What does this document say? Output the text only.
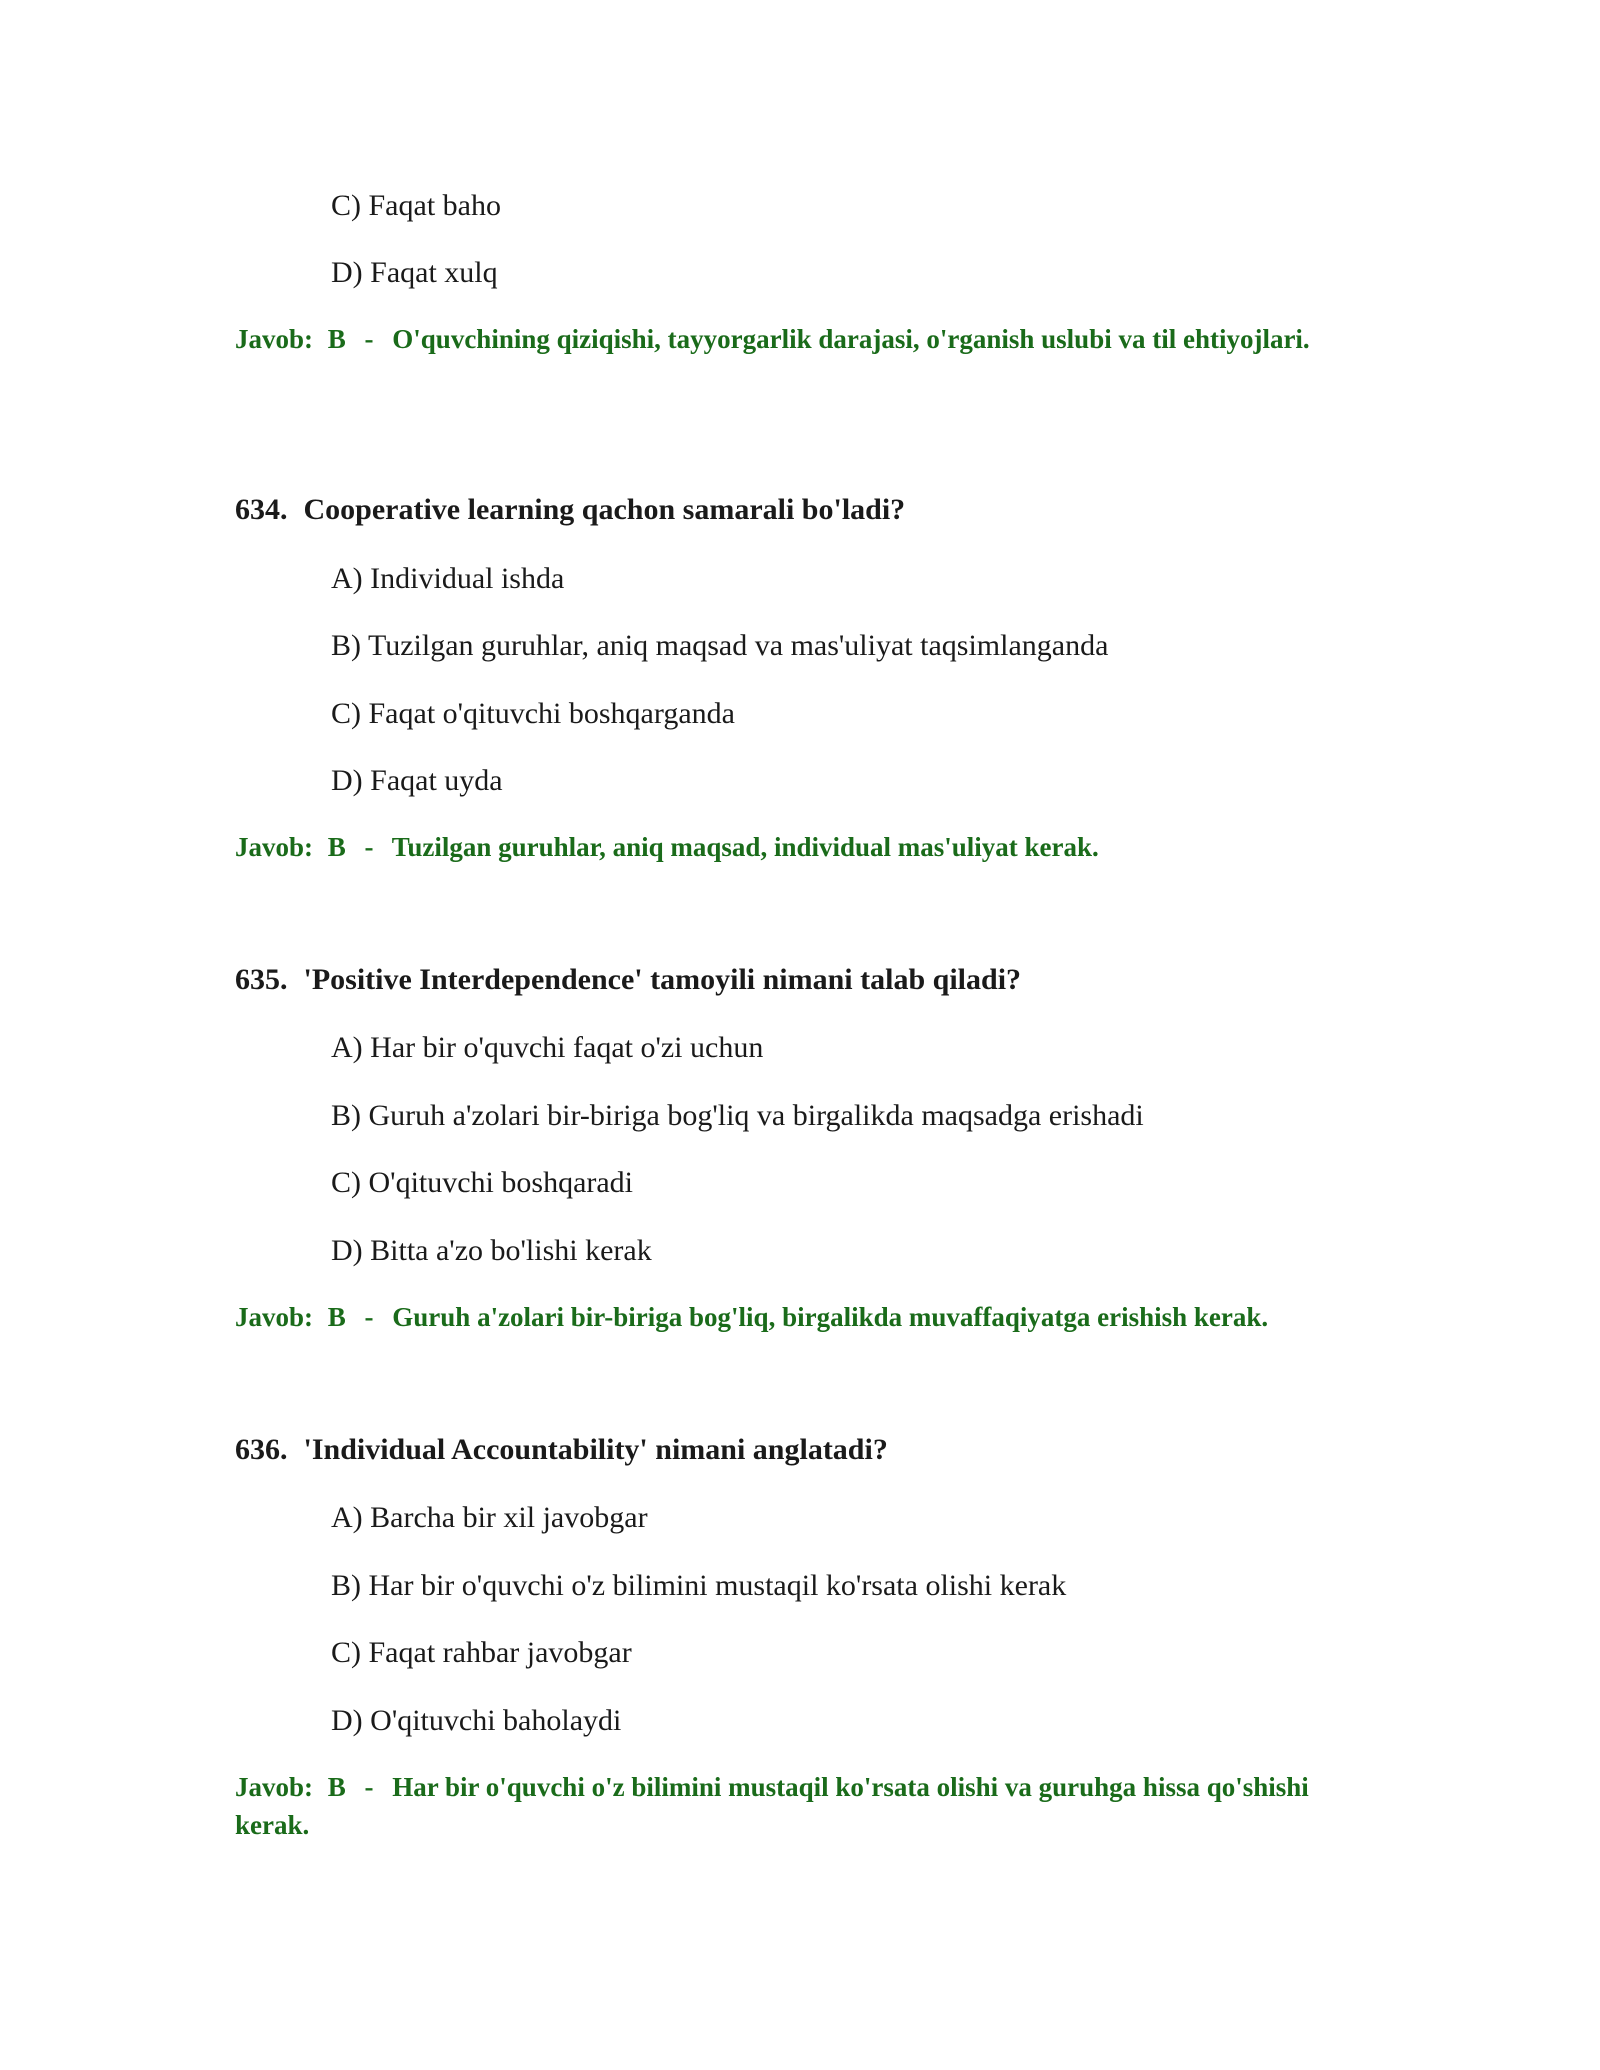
C) Faqat baho
D) Faqat xulq
Javob: B - O'quvchining qiziqishi, tayyorgarlik darajasi, o'rganish uslubi va til ehtiyojlari.
634. Cooperative learning qachon samarali bo'ladi?
A) Individual ishda
B) Tuzilgan guruhlar, aniq maqsad va mas'uliyat taqsimlanganda
C) Faqat o'qituvchi boshqarganda
D) Faqat uyda
Javob: B - Tuzilgan guruhlar, aniq maqsad, individual mas'uliyat kerak.
635. 'Positive Interdependence' tamoyili nimani talab qiladi?
A) Har bir o'quvchi faqat o'zi uchun
B) Guruh a'zolari bir-biriga bog'liq va birgalikda maqsadga erishadi
C) O'qituvchi boshqaradi
D) Bitta a'zo bo'lishi kerak
Javob: B - Guruh a'zolari bir-biriga bog'liq, birgalikda muvaffaqiyatga erishish kerak.
636. 'Individual Accountability' nimani anglatadi?
A) Barcha bir xil javobgar
B) Har bir o'quvchi o'z bilimini mustaqil ko'rsata olishi kerak
C) Faqat rahbar javobgar
D) O'qituvchi baholaydi
Javob: B - Har bir o'quvchi o'z bilimini mustaqil ko'rsata olishi va guruhga hissa qo'shishi kerak.
